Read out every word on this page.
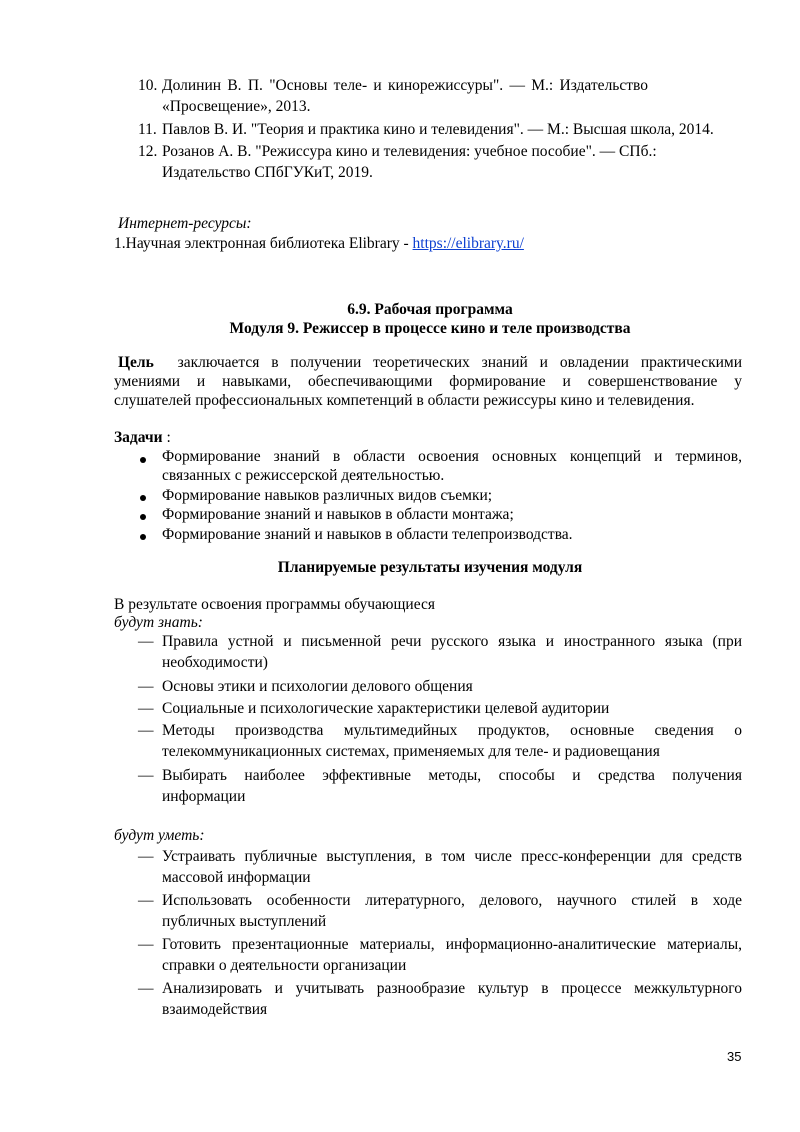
10. Долинин В. П. "Основы теле- и кинорежиссуры". — М.: Издательство
«Просвещение», 2013.
11. Павлов В. И. "Теория и практика кино и телевидения". — М.: Высшая школа, 2014.
12. Розанов А. В. "Режиссура кино и телевидения: учебное пособие". — СПб.:
Издательство СПбГУКиТ, 2019.
Интернет-ресурсы:
1.Научная электронная библиотека Elibrary - https://elibrary.ru/
6.9. Рабочая программа
Модуля 9. Режиссер в процессе кино и теле производства
Цель заключается в получении теоретических знаний и овладении практическими
умениями и навыками, обеспечивающими формирование и совершенствование у
слушателей профессиональных компетенций в области режиссуры кино и телевидения.
Задачи :
Формирование знаний в области освоения основных концепций и терминов,
связанных с режиссерской деятельностью.
Формирование навыков различных видов съемки;
Формирование знаний и навыков в области монтажа;
Формирование знаний и навыков в области телепроизводства.
Планируемые результаты изучения модуля
В результате освоения программы обучающиеся
будут знать:
— Правила устной и письменной речи русского языка и иностранного языка (при
необходимости)
— Основы этики и психологии делового общения
— Социальные и психологические характеристики целевой аудитории
— Методы производства мультимедийных продуктов, основные сведения о
телекоммуникационных системах, применяемых для теле- и радиовещания
— Выбирать наиболее эффективные методы, способы и средства получения
информации
будут уметь:
— Устраивать публичные выступления, в том числе пресс-конференции для средств
массовой информации
— Использовать особенности литературного, делового, научного стилей в ходе
публичных выступлений
— Готовить презентационные материалы, информационно-аналитические материалы,
справки о деятельности организации
— Анализировать и учитывать разнообразие культур в процессе межкультурного
взаимодействия
35
